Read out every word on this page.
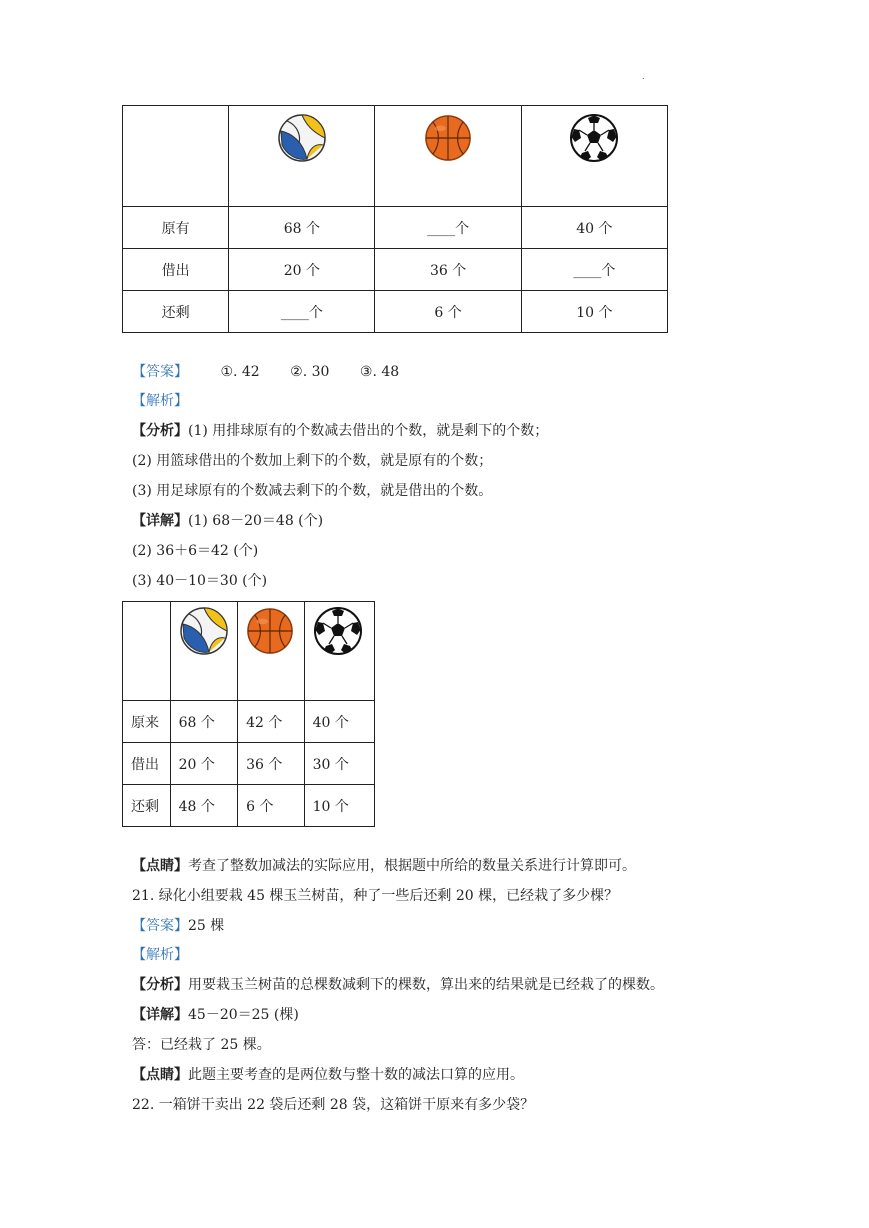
.

原有	68 个	____个	40 个
借出	20 个	36 个	____个
还剩	____个	6 个	10 个
【答案】 ①. 42 ②. 30 ③. 48
【解析】
【分析】(1) 用排球原有的个数减去借出的个数，就是剩下的个数；
(2) 用篮球借出的个数加上剩下的个数，就是原有的个数；
(3) 用足球原有的个数减去剩下的个数，就是借出的个数。
【详解】(1) 68－20＝48 (个)
(2) 36＋6＝42 (个)
(3) 40－10＝30 (个)

原来	68 个	42 个	40 个
借出	20 个	36 个	30 个
还剩	48 个	6 个	10 个
【点睛】考查了整数加减法的实际应用，根据题中所给的数量关系进行计算即可。
21. 绿化小组要栽 45 棵玉兰树苗，种了一些后还剩 20 棵，已经栽了多少棵？
【答案】25 棵
【解析】
【分析】用要栽玉兰树苗的总棵数减剩下的棵数，算出来的结果就是已经栽了的棵数。
【详解】45－20＝25 (棵)
答：已经栽了 25 棵。
【点睛】此题主要考查的是两位数与整十数的减法口算的应用。
22. 一箱饼干卖出 22 袋后还剩 28 袋，这箱饼干原来有多少袋？
